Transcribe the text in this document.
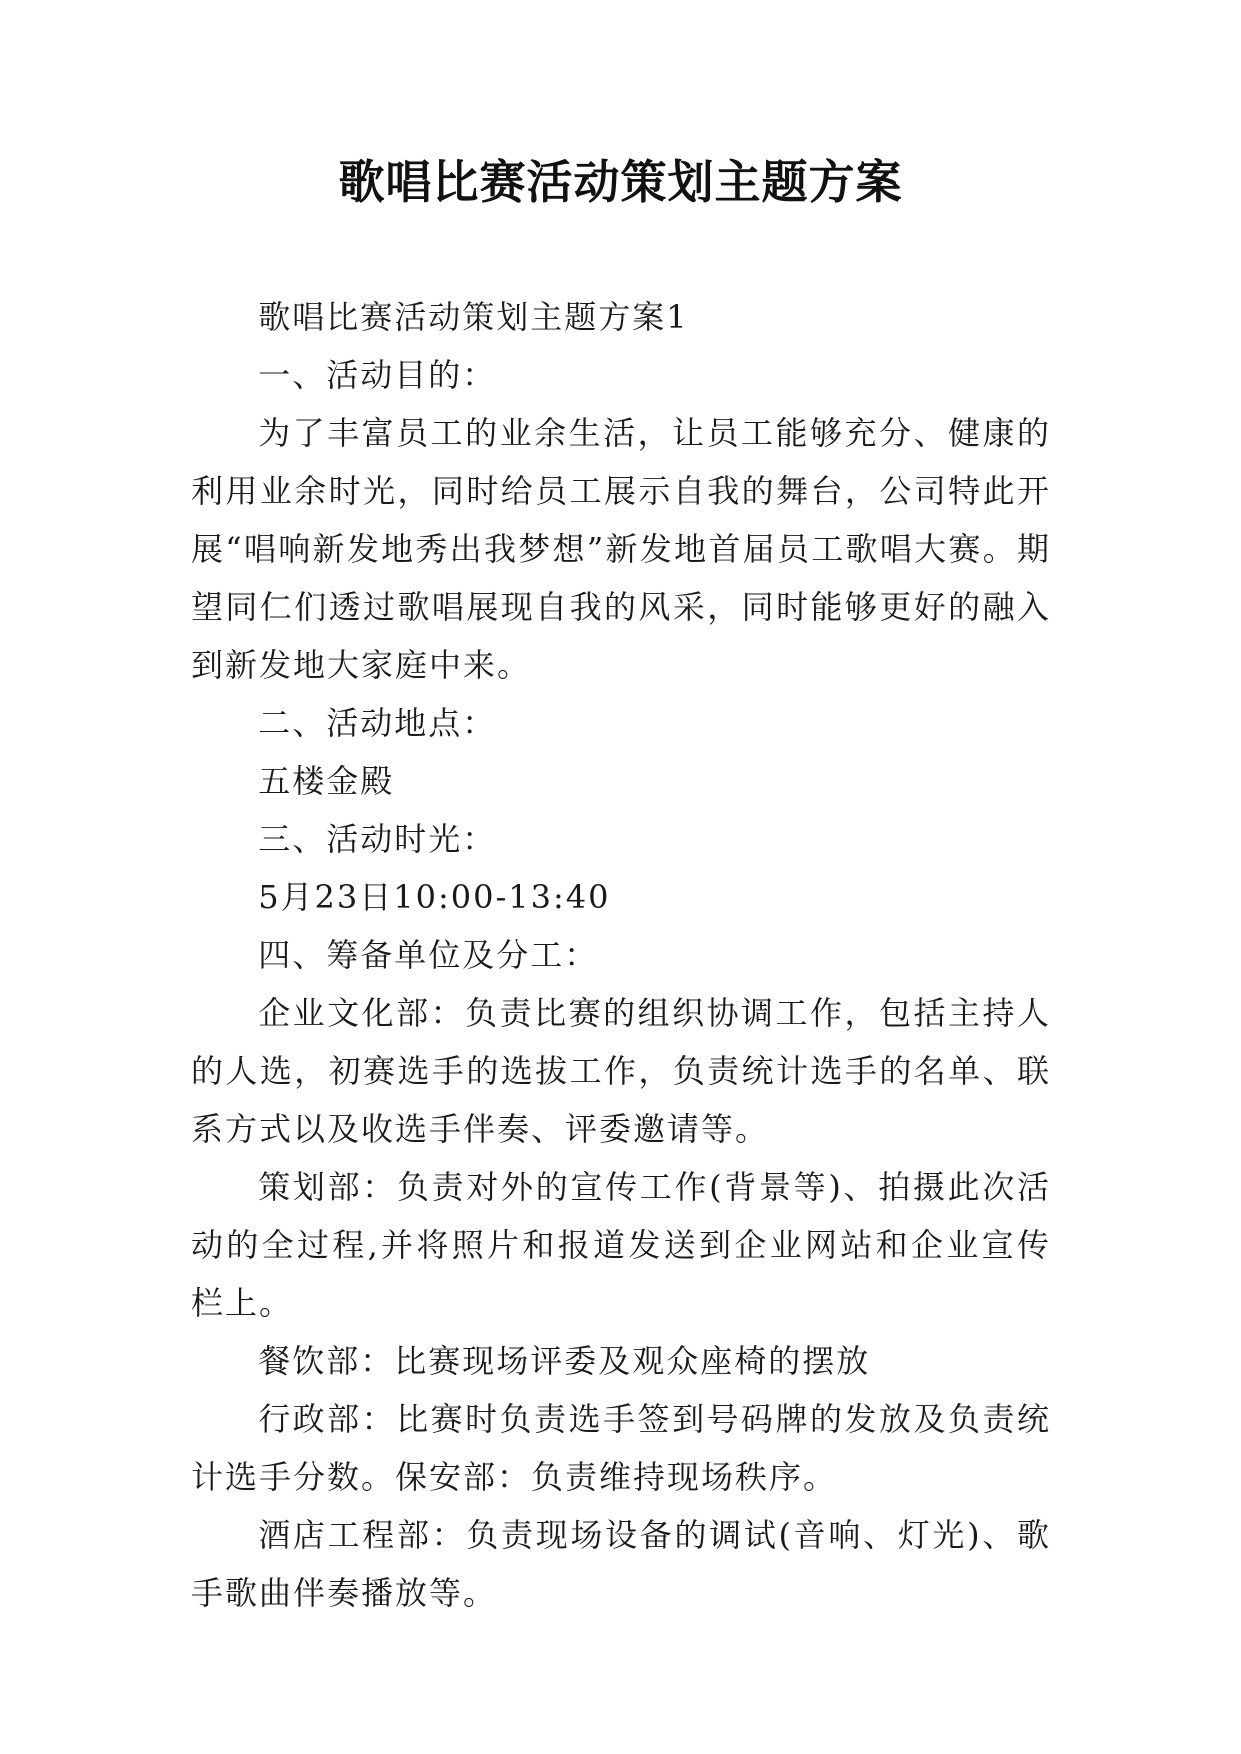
歌唱比赛活动策划主题方案

歌唱比赛活动策划主题方案1

一、活动目的：

为了丰富员工的业余生活，让员工能够充分、健康的利用业余时光，同时给员工展示自我的舞台，公司特此开展“唱响新发地秀出我梦想”新发地首届员工歌唱大赛。期望同仁们透过歌唱展现自我的风采，同时能够更好的融入到新发地大家庭中来。

二、活动地点：

五楼金殿

三、活动时光：

5月23日10:00-13:40

四、筹备单位及分工：

企业文化部：负责比赛的组织协调工作，包括主持人的人选，初赛选手的选拔工作，负责统计选手的名单、联系方式以及收选手伴奏、评委邀请等。

策划部：负责对外的宣传工作(背景等)、拍摄此次活动的全过程,并将照片和报道发送到企业网站和企业宣传栏上。

餐饮部：比赛现场评委及观众座椅的摆放

行政部：比赛时负责选手签到号码牌的发放及负责统计选手分数。保安部：负责维持现场秩序。

酒店工程部：负责现场设备的调试(音响、灯光)、歌手歌曲伴奏播放等。
